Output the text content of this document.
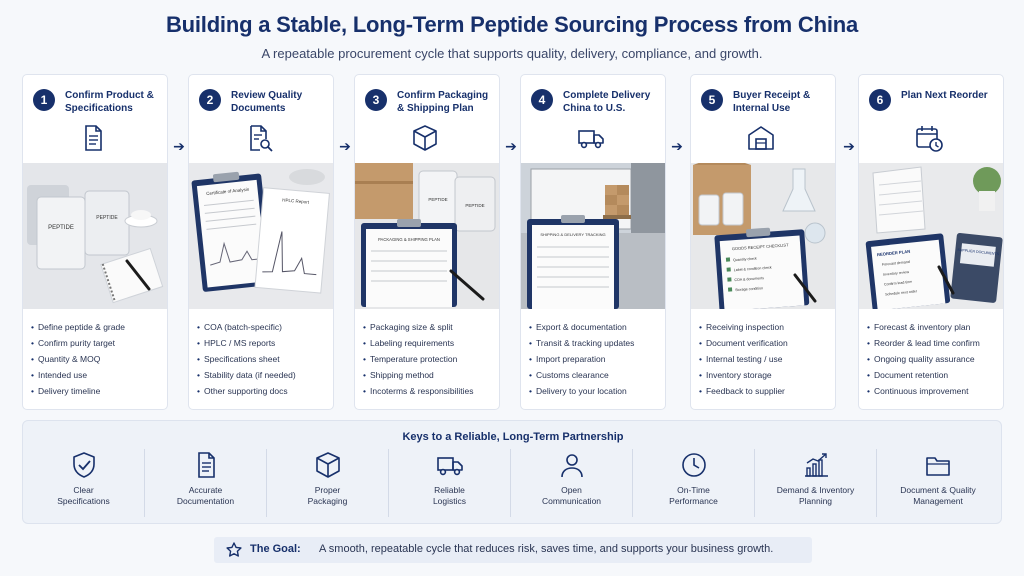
Building a Stable, Long-Term Peptide Sourcing Process from China
A repeatable procurement cycle that supports quality, delivery, compliance, and growth.
1	Confirm Product & Specifications
PEPTIDE
PEPTIDE
• Define peptide & grade
• Confirm purity target
• Quantity & MOQ
• Intended use
• Delivery timeline
➔
2	Review Quality Documents
Certificate of Analysis
HPLC Report
• COA (batch-specific)
• HPLC / MS reports
• Specifications sheet
• Stability data (if needed)
• Other supporting docs
➔
3	Confirm Packaging & Shipping Plan
PEPTIDE
PEPTIDE
PACKAGING & SHIPPING PLAN
• Packaging size & split
• Labeling requirements
• Temperature protection
• Shipping method
• Incoterms & responsibilities
➔
4	Complete Delivery China to U.S.
SHIPPING & DELIVERY TRACKING
• Export & documentation
• Transit & tracking updates
• Import preparation
• Customs clearance
• Delivery to your location
➔
5	Buyer Receipt & Internal Use
GOODS RECEIPT CHECKLIST
Quantity check
Label & condition check
COA & documents
Storage condition
• Receiving inspection
• Document verification
• Internal testing / use
• Inventory storage
• Feedback to supplier
➔
6	Plan Next Reorder
REORDER PLAN
Forecast demand
Inventory review
Confirm lead time
Schedule next order
SUPPLIER DOCUMENTS
• Forecast & inventory plan
• Reorder & lead time confirm
• Ongoing quality assurance
• Document retention
• Continuous improvement
Keys to a Reliable, Long-Term Partnership
Clear
Specifications
Accurate
Documentation
Proper
Packaging
Reliable
Logistics
Open
Communication
On-Time
Performance
Demand & Inventory
Planning
Document & Quality
Management
The Goal: A smooth, repeatable cycle that reduces risk, saves time, and supports your business growth.
